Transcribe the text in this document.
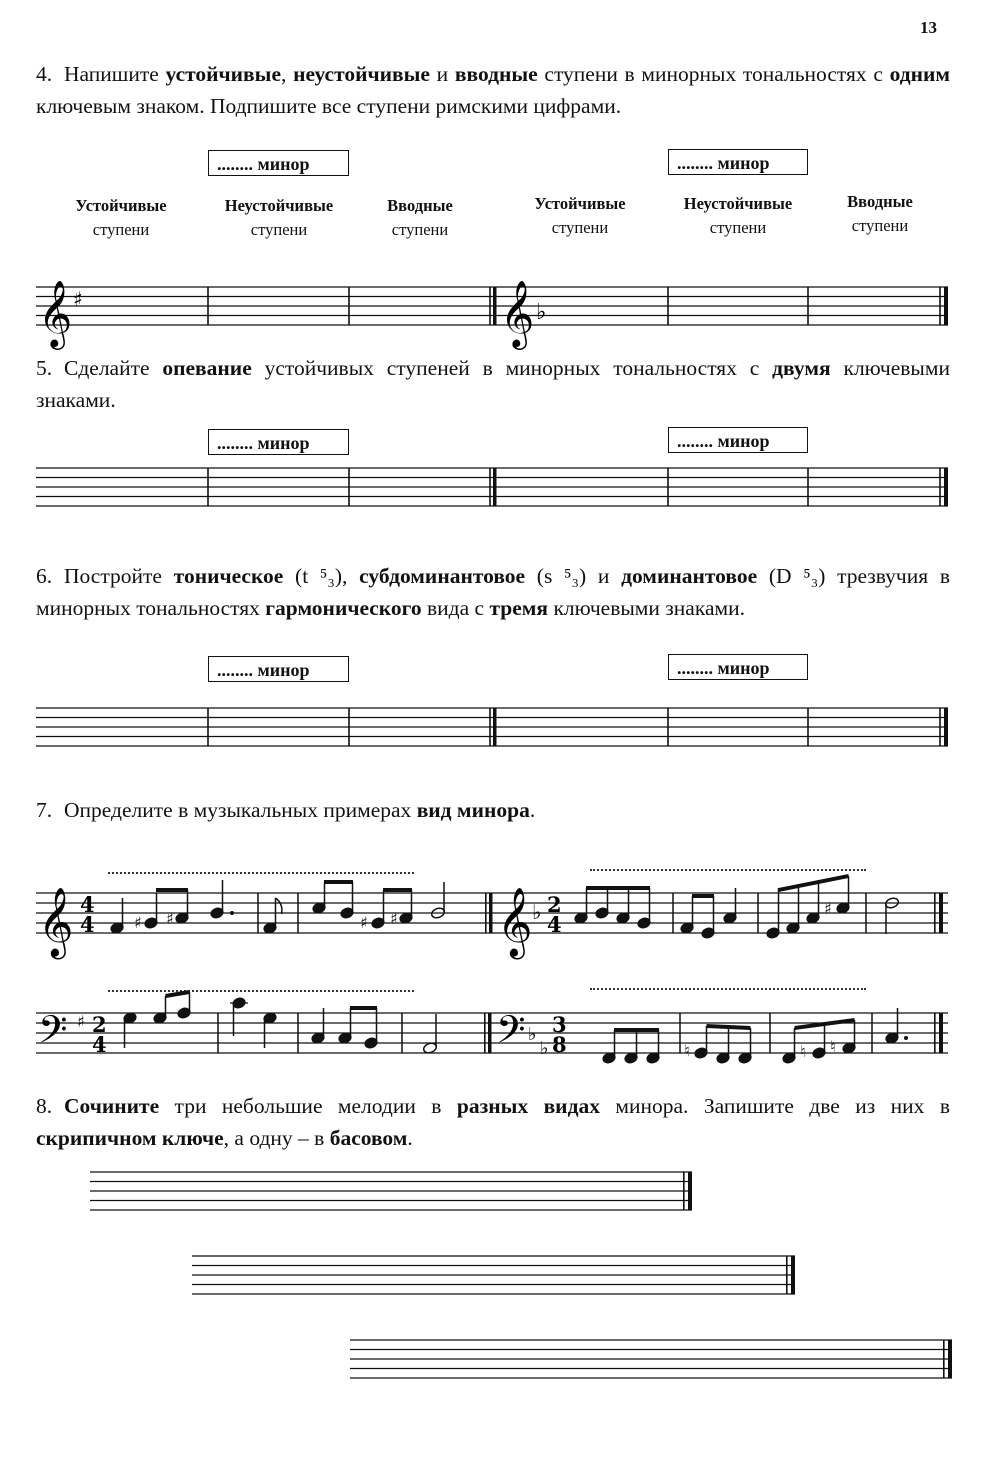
13
4. Напишите устойчивые, неустойчивые и вводные ступени в минорных тональностях с одним ключевым знаком. Подпишите все ступени римскими цифрами.
........ минор	........ минор
Устойчивые
ступени
Неустойчивые
ступени
Вводные
ступени
Устойчивые
ступени
Неустойчивые
ступени
Вводные
ступени
𝄞 ♯	𝄞 ♭
5. Сделайте опевание устойчивых ступеней в минорных тональностях с двумя ключевыми знаками.
........ минор	........ минор
6. Постройте тоническое (t ⁵₃), субдоминантовое (s ⁵₃) и доминантовое (D ⁵₃) трезвучия в минорных тональностях гармонического вида с тремя ключевыми знаками.
........ минор	........ минор
7. Определите в музыкальных примерах вид минора.
𝄞 4
4 ♯ ♯	♯ ♯ 𝄞 ♭ 2
4
♯
𝄢 ♯ 2
4	𝄢 ♭
♭
3
8	♮	♮ ♮
8. Сочините три небольшие мелодии в разных видах минора. Запишите две из них в скрипичном ключе, а одну – в басовом.
